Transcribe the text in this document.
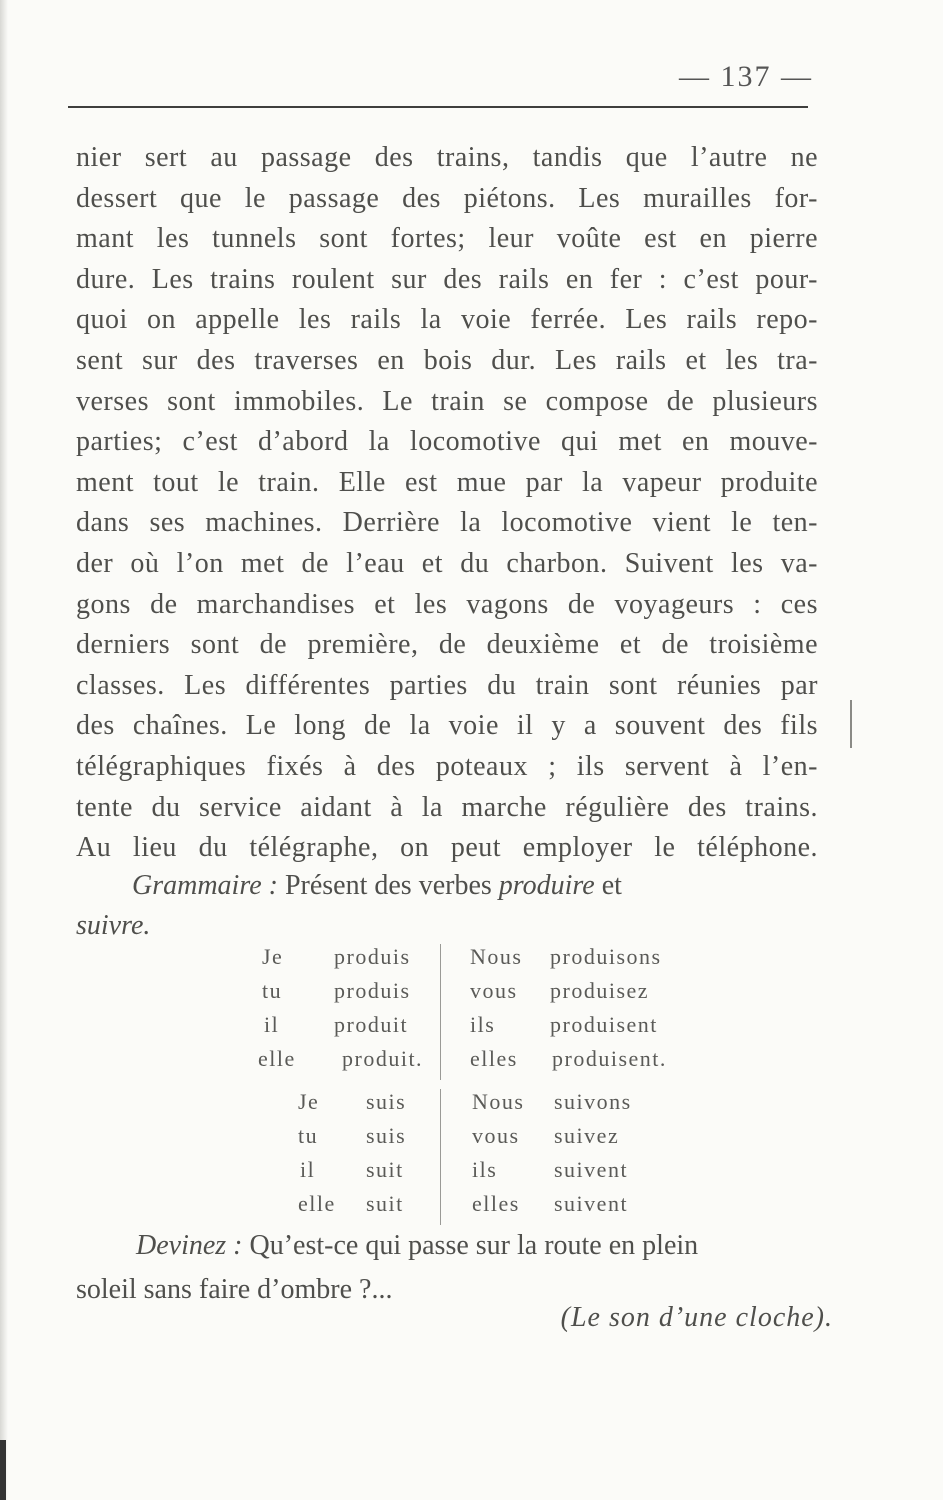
— 137 —
nier sert au passage des trains, tandis que l’autre ne
dessert que le passage des piétons. Les murailles for-
mant les tunnels sont fortes; leur voûte est en pierre
dure. Les trains roulent sur des rails en fer : c’est pour-
quoi on appelle les rails la voie ferrée. Les rails repo-
sent sur des traverses en bois dur. Les rails et les tra-
verses sont immobiles. Le train se compose de plusieurs
parties; c’est d’abord la locomotive qui met en mouve-
ment tout le train. Elle est mue par la vapeur produite
dans ses machines. Derrière la locomotive vient le ten-
der où l’on met de l’eau et du charbon. Suivent les va-
gons de marchandises et les vagons de voyageurs : ces
derniers sont de première, de deuxième et de troisième
classes. Les différentes parties du train sont réunies par
des chaînes. Le long de la voie il y a souvent des fils
télégraphiques fixés à des poteaux ; ils servent à l’en-
tente du service aidant à la marche régulière des trains.
Au lieu du télégraphe, on peut employer le téléphone.
Grammaire : Présent des verbes produire et
suivre.
Je produis	Nous produisons
tu produis	vous produisez
il produit	ils produisent
elle produit. elles produisent.
Je suis	Nous suivons
tu suis	vous suivez
il suit	ils	suivent
elle suit	elles suivent
Devinez : Qu’est-ce qui passe sur la route en plein
soleil sans faire d’ombre ?...
(Le son d’une cloche).
